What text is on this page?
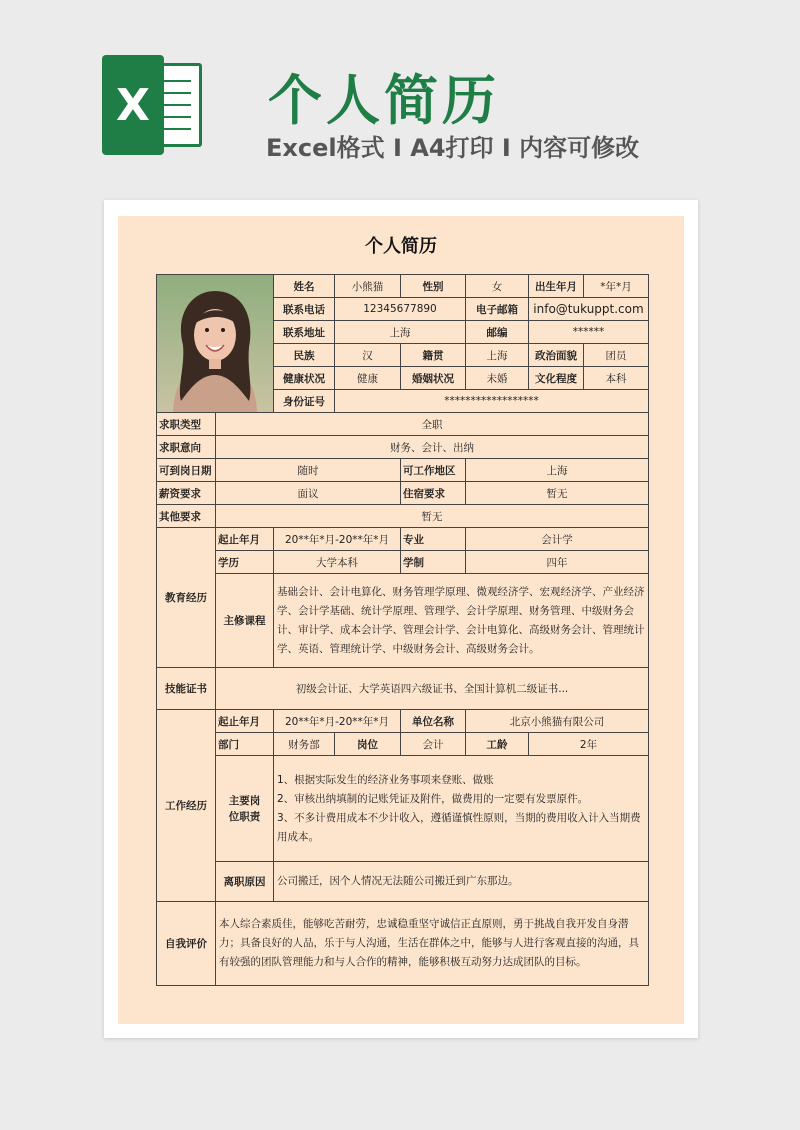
X 个人简历
Excel格式 Ⅰ A4打印 Ⅰ 内容可修改
个人简历
	姓名	小熊猫	性别	女	出生年月	*年*月
		联系电话	12345677890		电子邮箱	info@tukuppt.com	
		联系地址	上海		邮编	******	
		民族	汉	籍贯	上海	政治面貌	团员
		健康状况	健康	婚姻状况	未婚	文化程度	本科
		身份证号	******************				
求职类型	全职						
求职意向	财务、会计、出纳						
可到岗日期	随时			可工作地区	上海		
薪资要求	面议			住宿要求	暂无		
其他要求	暂无						
教育经历	起止年月	20**年*月-20**年*月		专业	会计学		
	学历	大学本科		学制	四年		
	主修课程	基础会计、会计电算化、财务管理学原理、微观经济学、宏观经济学、产业经济学、会计学基础、统计学原理、管理学、会计学原理、财务管理、中级财务会计、审计学、成本会计学、管理会计学、会计电算化、高级财务会计、管理统计学、英语、管理统计学、中级财务会计、高级财务会计。					
技能证书	初级会计证、大学英语四六级证书、全国计算机二级证书...						
工作经历	起止年月	20**年*月-20**年*月		单位名称	北京小熊猫有限公司		
	部门	财务部	岗位	会计	工龄	2年	

	主要岗
位职责	1、根据实际发生的经济业务事项来登账、做账
2、审核出纳填制的记账凭证及附件，做费用的一定要有发票原件。
3、不多计费用成本不少计收入，遵循谨慎性原则，当期的费用收入计入当期费用成本。					

	离职原因	公司搬迁，因个人情况无法随公司搬迁到广东那边。					
自我评价	本人综合素质佳，能够吃苦耐劳，忠诚稳重坚守诚信正直原则，勇于挑战自我开发自身潜力；具备良好的人品，乐于与人沟通，生活在群体之中，能够与人进行客观直接的沟通，具有较强的团队管理能力和与人合作的精神，能够积极互动努力达成团队的目标。						
